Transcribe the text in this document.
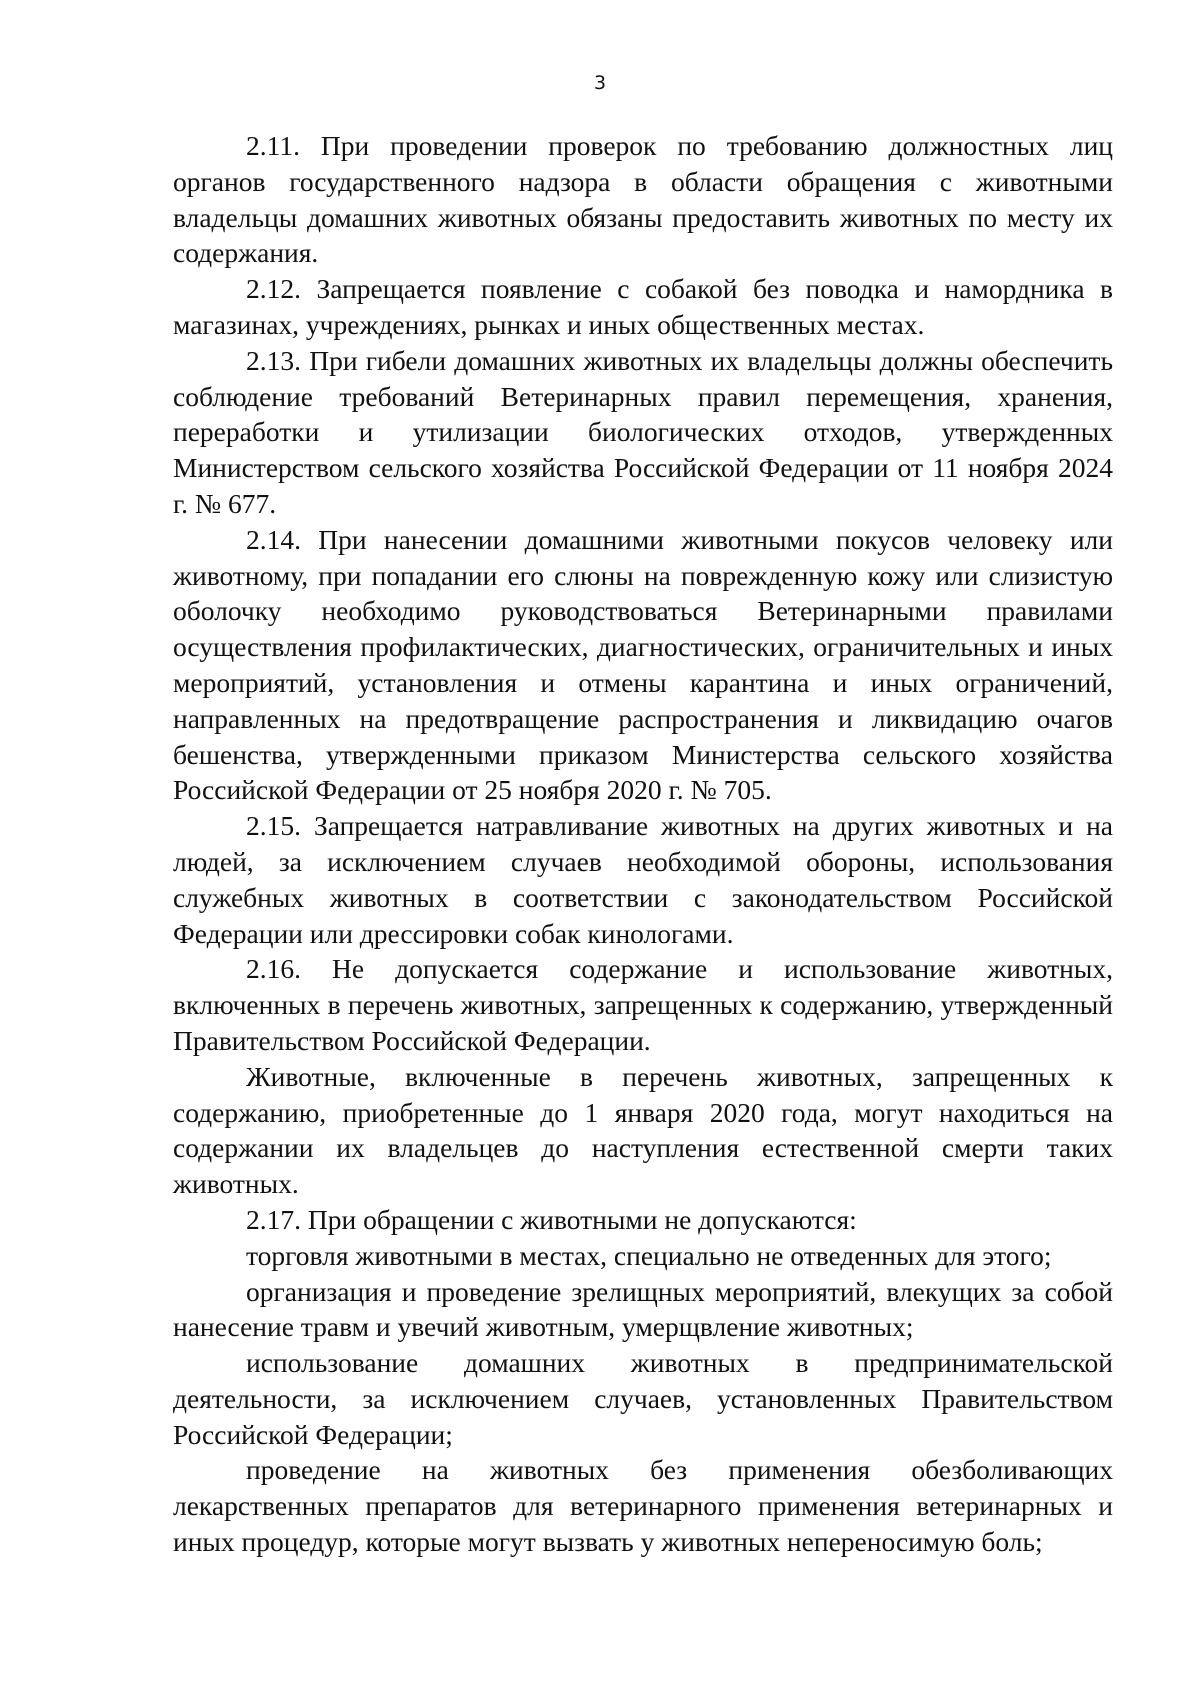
3

2.11. При проведении проверок по требованию должностных лиц органов государственного надзора в области обращения с животными владельцы домашних животных обязаны предоставить животных по месту их содержания.

2.12. Запрещается появление с собакой без поводка и намордника в магазинах, учреждениях, рынках и иных общественных местах.

2.13. При гибели домашних животных их владельцы должны обеспечить соблюдение требований Ветеринарных правил перемещения, хранения, переработки и утилизации биологических отходов, утвержденных Министерством сельского хозяйства Российской Федерации от 11 ноября 2024 г. № 677.

2.14. При нанесении домашними животными покусов человеку или животному, при попадании его слюны на поврежденную кожу или слизистую оболочку необходимо руководствоваться Ветеринарными правилами осуществления профилактических, диагностических, ограничительных и иных мероприятий, установления и отмены карантина и иных ограничений, направленных на предотвращение распространения и ликвидацию очагов бешенства, утвержденными приказом Министерства сельского хозяйства Российской Федерации от 25 ноября 2020 г. № 705.

2.15. Запрещается натравливание животных на других животных и на людей, за исключением случаев необходимой обороны, использования служебных животных в соответствии с законодательством Российской Федерации или дрессировки собак кинологами.

2.16. Не допускается содержание и использование животных, включенных в перечень животных, запрещенных к содержанию, утвержденный Правительством Российской Федерации.

Животные, включенные в перечень животных, запрещенных к содержанию, приобретенные до 1 января 2020 года, могут находиться на содержании их владельцев до наступления естественной смерти таких животных.

2.17. При обращении с животными не допускаются:

торговля животными в местах, специально не отведенных для этого;

организация и проведение зрелищных мероприятий, влекущих за собой нанесение травм и увечий животным, умерщвление животных;

использование домашних животных в предпринимательской деятельности, за исключением случаев, установленных Правительством Российской Федерации;

проведение на животных без применения обезболивающих лекарственных препаратов для ветеринарного применения ветеринарных и иных процедур, которые могут вызвать у животных непереносимую боль;
